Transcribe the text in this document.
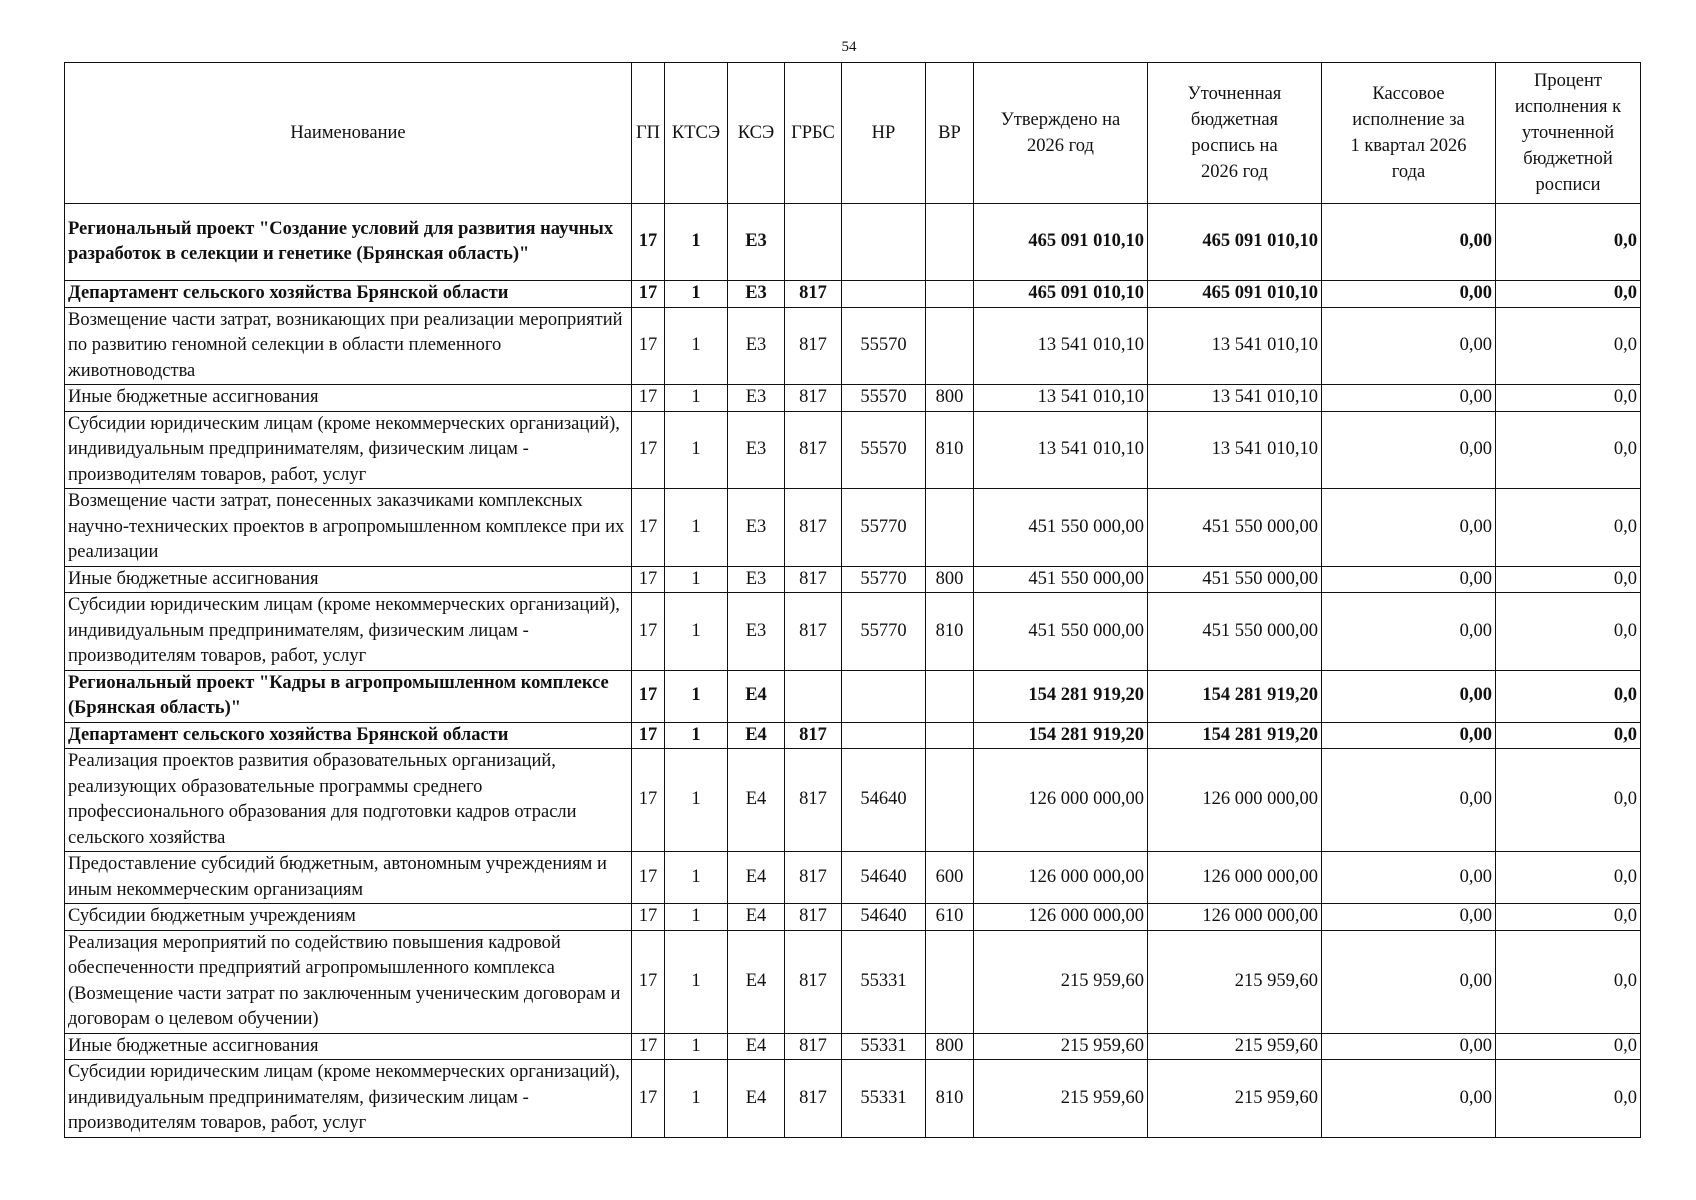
54
Наименование	ГП	КТСЭ	КСЭ	ГРБС	НР	ВР	Утверждено на 2026 год	Уточненная бюджетная роспись на 2026 год	Кассовое исполнение за 1 квартал 2026 года	Процент исполнения к уточненной бюджетной росписи
Региональный проект "Создание условий для развития научных разработок в селекции и генетике (Брянская область)"	17	1	Е3				465 091 010,10	465 091 010,10	0,00	0,0
Департамент сельского хозяйства Брянской области	17	1	Е3	817			465 091 010,10	465 091 010,10	0,00	0,0
Возмещение части затрат, возникающих при реализации мероприятий по развитию геномной селекции в области племенного животноводства	17	1	Е3	817	55570		13 541 010,10	13 541 010,10	0,00	0,0
Иные бюджетные ассигнования	17	1	Е3	817	55570	800	13 541 010,10	13 541 010,10	0,00	0,0
Субсидии юридическим лицам (кроме некоммерческих организаций), индивидуальным предпринимателям, физическим лицам - производителям товаров, работ, услуг	17	1	Е3	817	55570	810	13 541 010,10	13 541 010,10	0,00	0,0
Возмещение части затрат, понесенных заказчиками комплексных научно-технических проектов в агропромышленном комплексе при их реализации	17	1	Е3	817	55770		451 550 000,00	451 550 000,00	0,00	0,0
Иные бюджетные ассигнования	17	1	Е3	817	55770	800	451 550 000,00	451 550 000,00	0,00	0,0
Субсидии юридическим лицам (кроме некоммерческих организаций), индивидуальным предпринимателям, физическим лицам - производителям товаров, работ, услуг	17	1	Е3	817	55770	810	451 550 000,00	451 550 000,00	0,00	0,0
Региональный проект "Кадры в агропромышленном комплексе (Брянская область)"	17	1	Е4				154 281 919,20	154 281 919,20	0,00	0,0
Департамент сельского хозяйства Брянской области	17	1	Е4	817			154 281 919,20	154 281 919,20	0,00	0,0
Реализация проектов развития образовательных организаций, реализующих образовательные программы среднего профессионального образования для подготовки кадров отрасли сельского хозяйства	17	1	Е4	817	54640		126 000 000,00	126 000 000,00	0,00	0,0
Предоставление субсидий бюджетным, автономным учреждениям и иным некоммерческим организациям	17	1	Е4	817	54640	600	126 000 000,00	126 000 000,00	0,00	0,0
Субсидии бюджетным учреждениям	17	1	Е4	817	54640	610	126 000 000,00	126 000 000,00	0,00	0,0
Реализация мероприятий по содействию повышения кадровой обеспеченности предприятий агропромышленного комплекса (Возмещение части затрат по заключенным ученическим договорам и договорам о целевом обучении)	17	1	Е4	817	55331		215 959,60	215 959,60	0,00	0,0
Иные бюджетные ассигнования	17	1	Е4	817	55331	800	215 959,60	215 959,60	0,00	0,0
Субсидии юридическим лицам (кроме некоммерческих организаций), индивидуальным предпринимателям, физическим лицам - производителям товаров, работ, услуг	17	1	Е4	817	55331	810	215 959,60	215 959,60	0,00	0,0
